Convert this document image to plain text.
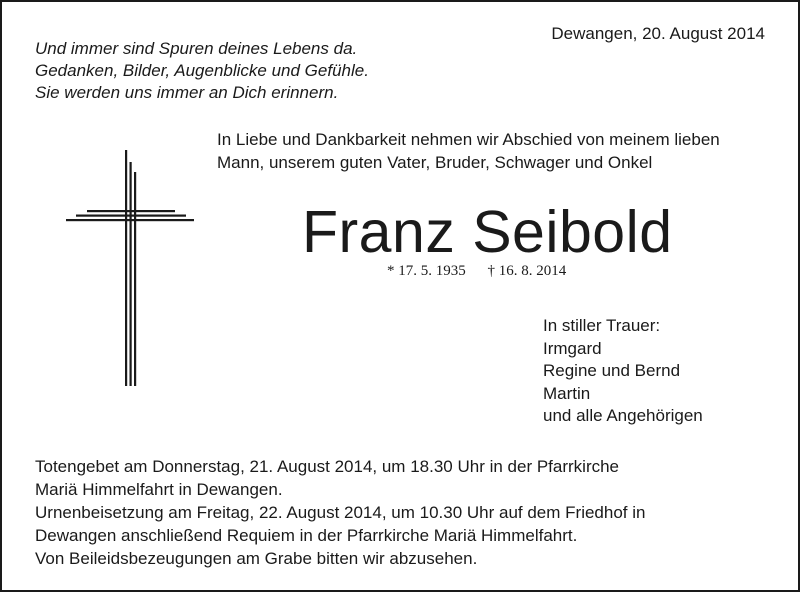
Und immer sind Spuren deines Lebens da.
Gedanken, Bilder, Augenblicke und Gefühle.
Sie werden uns immer an Dich erinnern.
Dewangen, 20. August 2014
In Liebe und Dankbarkeit nehmen wir Abschied von meinem lieben
Mann, unserem guten Vater, Bruder, Schwager und Onkel
Franz Seibold
* 17. 5. 1935 † 16. 8. 2014
In stiller Trauer:
Irmgard
Regine und Bernd
Martin
und alle Angehörigen
Totengebet am Donnerstag, 21. August 2014, um 18.30 Uhr in der Pfarrkirche
Mariä Himmelfahrt in Dewangen.
Urnenbeisetzung am Freitag, 22. August 2014, um 10.30 Uhr auf dem Friedhof in
Dewangen anschließend Requiem in der Pfarrkirche Mariä Himmelfahrt.
Von Beileidsbezeugungen am Grabe bitten wir abzusehen.
